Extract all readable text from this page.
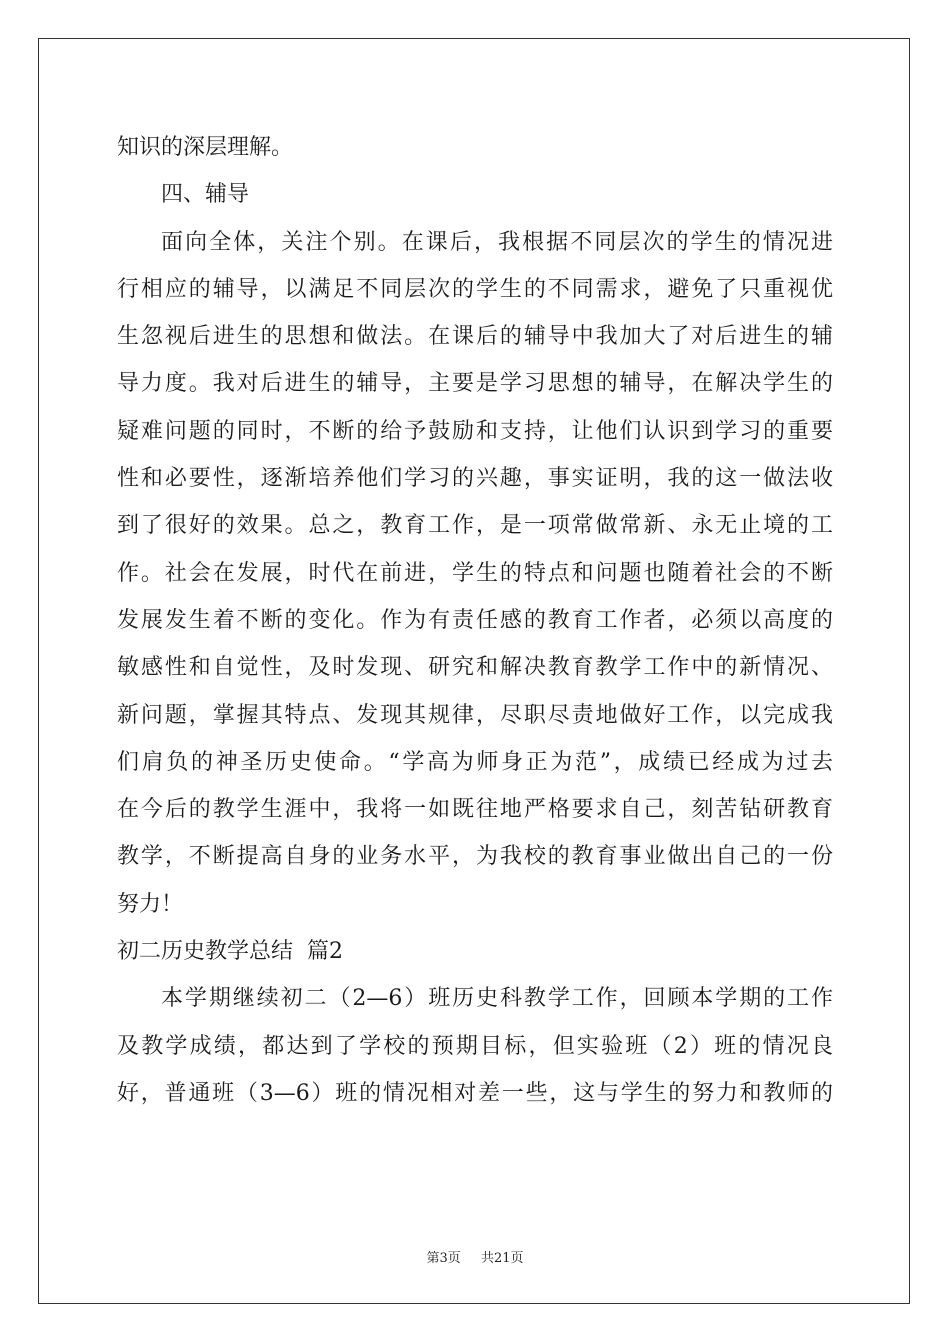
知识的深层理解。
四、辅导
面向全体，关注个别。在课后，我根据不同层次的学生的情况进
行相应的辅导，以满足不同层次的学生的不同需求，避免了只重视优
生忽视后进生的思想和做法。在课后的辅导中我加大了对后进生的辅
导力度。我对后进生的辅导，主要是学习思想的辅导，在解决学生的
疑难问题的同时，不断的给予鼓励和支持，让他们认识到学习的重要
性和必要性，逐渐培养他们学习的兴趣，事实证明，我的这一做法收
到了很好的效果。总之，教育工作，是一项常做常新、永无止境的工
作。社会在发展，时代在前进，学生的特点和问题也随着社会的不断
发展发生着不断的变化。作为有责任感的教育工作者，必须以高度的
敏感性和自觉性，及时发现、研究和解决教育教学工作中的新情况、
新问题，掌握其特点、发现其规律，尽职尽责地做好工作，以完成我
们肩负的神圣历史使命。“学高为师身正为范”，成绩已经成为过去
在今后的教学生涯中，我将一如既往地严格要求自己，刻苦钻研教育
教学，不断提高自身的业务水平，为我校的教育事业做出自己的一份
努力！
初二历史教学总结  篇2
本学期继续初二（2—6）班历史科教学工作，回顾本学期的工作
及教学成绩，都达到了学校的预期目标，但实验班（2）班的情况良
好，普通班（3—6）班的情况相对差一些，这与学生的努力和教师的
第3页 共21页
